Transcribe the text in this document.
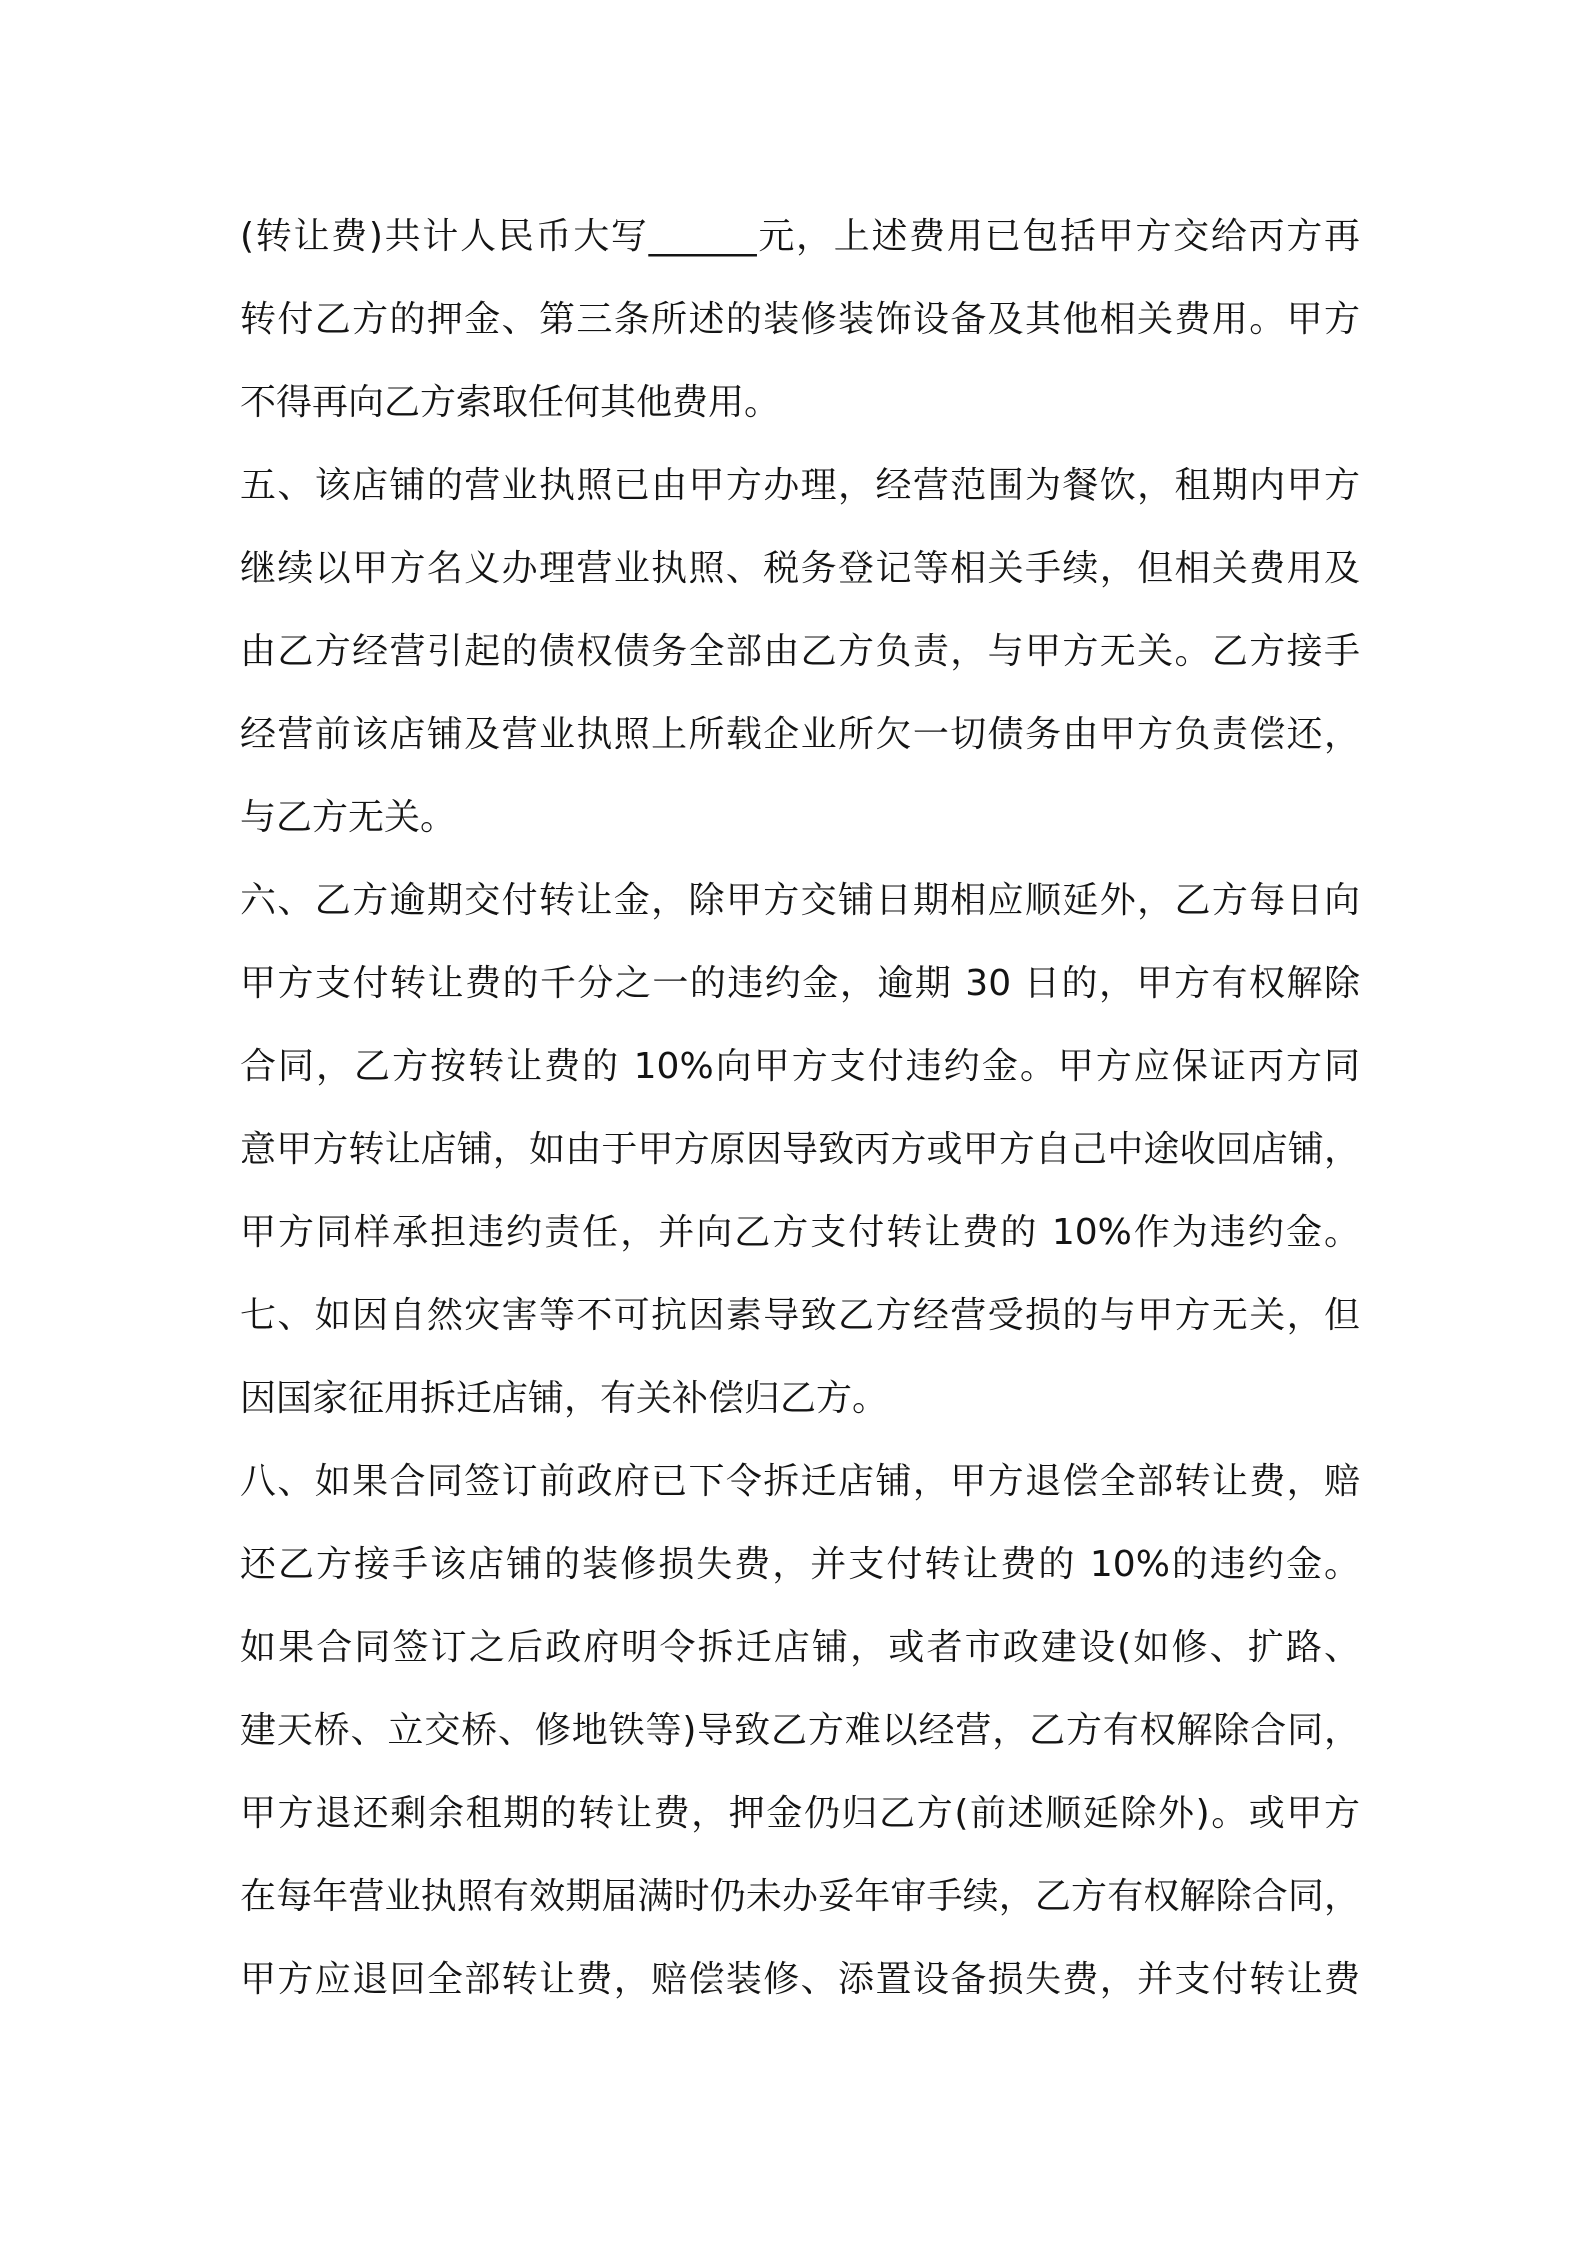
(转让费)共计人民币大写______元，上述费用已包括甲方交给丙方再
转付乙方的押金、第三条所述的装修装饰设备及其他相关费用。甲方
不得再向乙方索取任何其他费用。
五、该店铺的营业执照已由甲方办理，经营范围为餐饮，租期内甲方
继续以甲方名义办理营业执照、税务登记等相关手续，但相关费用及
由乙方经营引起的债权债务全部由乙方负责，与甲方无关。乙方接手
经营前该店铺及营业执照上所载企业所欠一切债务由甲方负责偿还，
与乙方无关。
六、乙方逾期交付转让金，除甲方交铺日期相应顺延外，乙方每日向
甲方支付转让费的千分之一的违约金，逾期 30 日的，甲方有权解除
合同，乙方按转让费的 10%向甲方支付违约金。甲方应保证丙方同
意甲方转让店铺，如由于甲方原因导致丙方或甲方自己中途收回店铺，
甲方同样承担违约责任，并向乙方支付转让费的 10%作为违约金。
七、如因自然灾害等不可抗因素导致乙方经营受损的与甲方无关，但
因国家征用拆迁店铺，有关补偿归乙方。
八、如果合同签订前政府已下令拆迁店铺，甲方退偿全部转让费，赔
还乙方接手该店铺的装修损失费，并支付转让费的 10%的违约金。
如果合同签订之后政府明令拆迁店铺，或者市政建设(如修、扩路、
建天桥、立交桥、修地铁等)导致乙方难以经营，乙方有权解除合同，
甲方退还剩余租期的转让费，押金仍归乙方(前述顺延除外)。或甲方
在每年营业执照有效期届满时仍未办妥年审手续，乙方有权解除合同，
甲方应退回全部转让费，赔偿装修、添置设备损失费，并支付转让费
